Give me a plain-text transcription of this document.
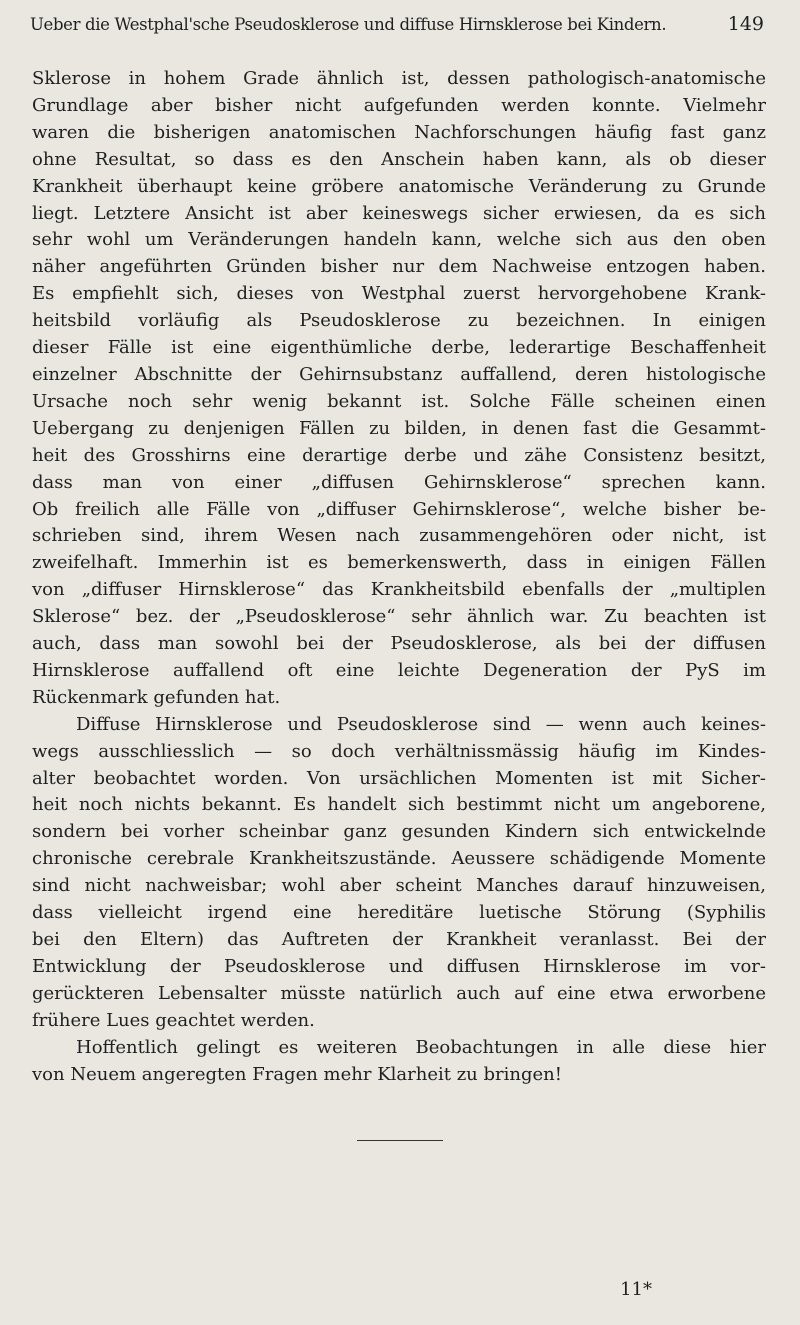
Ueber die Westphal'sche Pseudosklerose und diffuse Hirnsklerose bei Kindern.	149
Sklerose in hohem Grade ähnlich ist, dessen pathologisch-anatomische
Grundlage aber bisher nicht aufgefunden werden konnte. Vielmehr
waren die bisherigen anatomischen Nachforschungen häufig fast ganz
ohne Resultat, so dass es den Anschein haben kann, als ob dieser
Krankheit überhaupt keine gröbere anatomische Veränderung zu Grunde
liegt. Letztere Ansicht ist aber keineswegs sicher erwiesen, da es sich
sehr wohl um Veränderungen handeln kann, welche sich aus den oben
näher angeführten Gründen bisher nur dem Nachweise entzogen haben.
Es empfiehlt sich, dieses von Westphal zuerst hervorgehobene Krank-
heitsbild vorläufig als Pseudosklerose zu bezeichnen. In einigen
dieser Fälle ist eine eigenthümliche derbe, lederartige Beschaffenheit
einzelner Abschnitte der Gehirnsubstanz auffallend, deren histologische
Ursache noch sehr wenig bekannt ist. Solche Fälle scheinen einen
Uebergang zu denjenigen Fällen zu bilden, in denen fast die Gesammt-
heit des Grosshirns eine derartige derbe und zähe Consistenz besitzt,
dass man von einer „diffusen Gehirnsklerose“ sprechen kann.
Ob freilich alle Fälle von „diffuser Gehirnsklerose“, welche bisher be-
schrieben sind, ihrem Wesen nach zusammengehören oder nicht, ist
zweifelhaft. Immerhin ist es bemerkenswerth, dass in einigen Fällen
von „diffuser Hirnsklerose“ das Krankheitsbild ebenfalls der „multiplen
Sklerose“ bez. der „Pseudosklerose“ sehr ähnlich war. Zu beachten ist
auch, dass man sowohl bei der Pseudosklerose, als bei der diffusen
Hirnsklerose auffallend oft eine leichte Degeneration der PyS im
Rückenmark gefunden hat.
Diffuse Hirnsklerose und Pseudosklerose sind — wenn auch keines-
wegs ausschliesslich — so doch verhältnissmässig häufig im Kindes-
alter beobachtet worden. Von ursächlichen Momenten ist mit Sicher-
heit noch nichts bekannt. Es handelt sich bestimmt nicht um angeborene,
sondern bei vorher scheinbar ganz gesunden Kindern sich entwickelnde
chronische cerebrale Krankheitszustände. Aeussere schädigende Momente
sind nicht nachweisbar; wohl aber scheint Manches darauf hinzuweisen,
dass vielleicht irgend eine hereditäre luetische Störung (Syphilis
bei den Eltern) das Auftreten der Krankheit veranlasst. Bei der
Entwicklung der Pseudosklerose und diffusen Hirnsklerose im vor-
gerückteren Lebensalter müsste natürlich auch auf eine etwa erworbene
frühere Lues geachtet werden.
Hoffentlich gelingt es weiteren Beobachtungen in alle diese hier
von Neuem angeregten Fragen mehr Klarheit zu bringen!
11*
